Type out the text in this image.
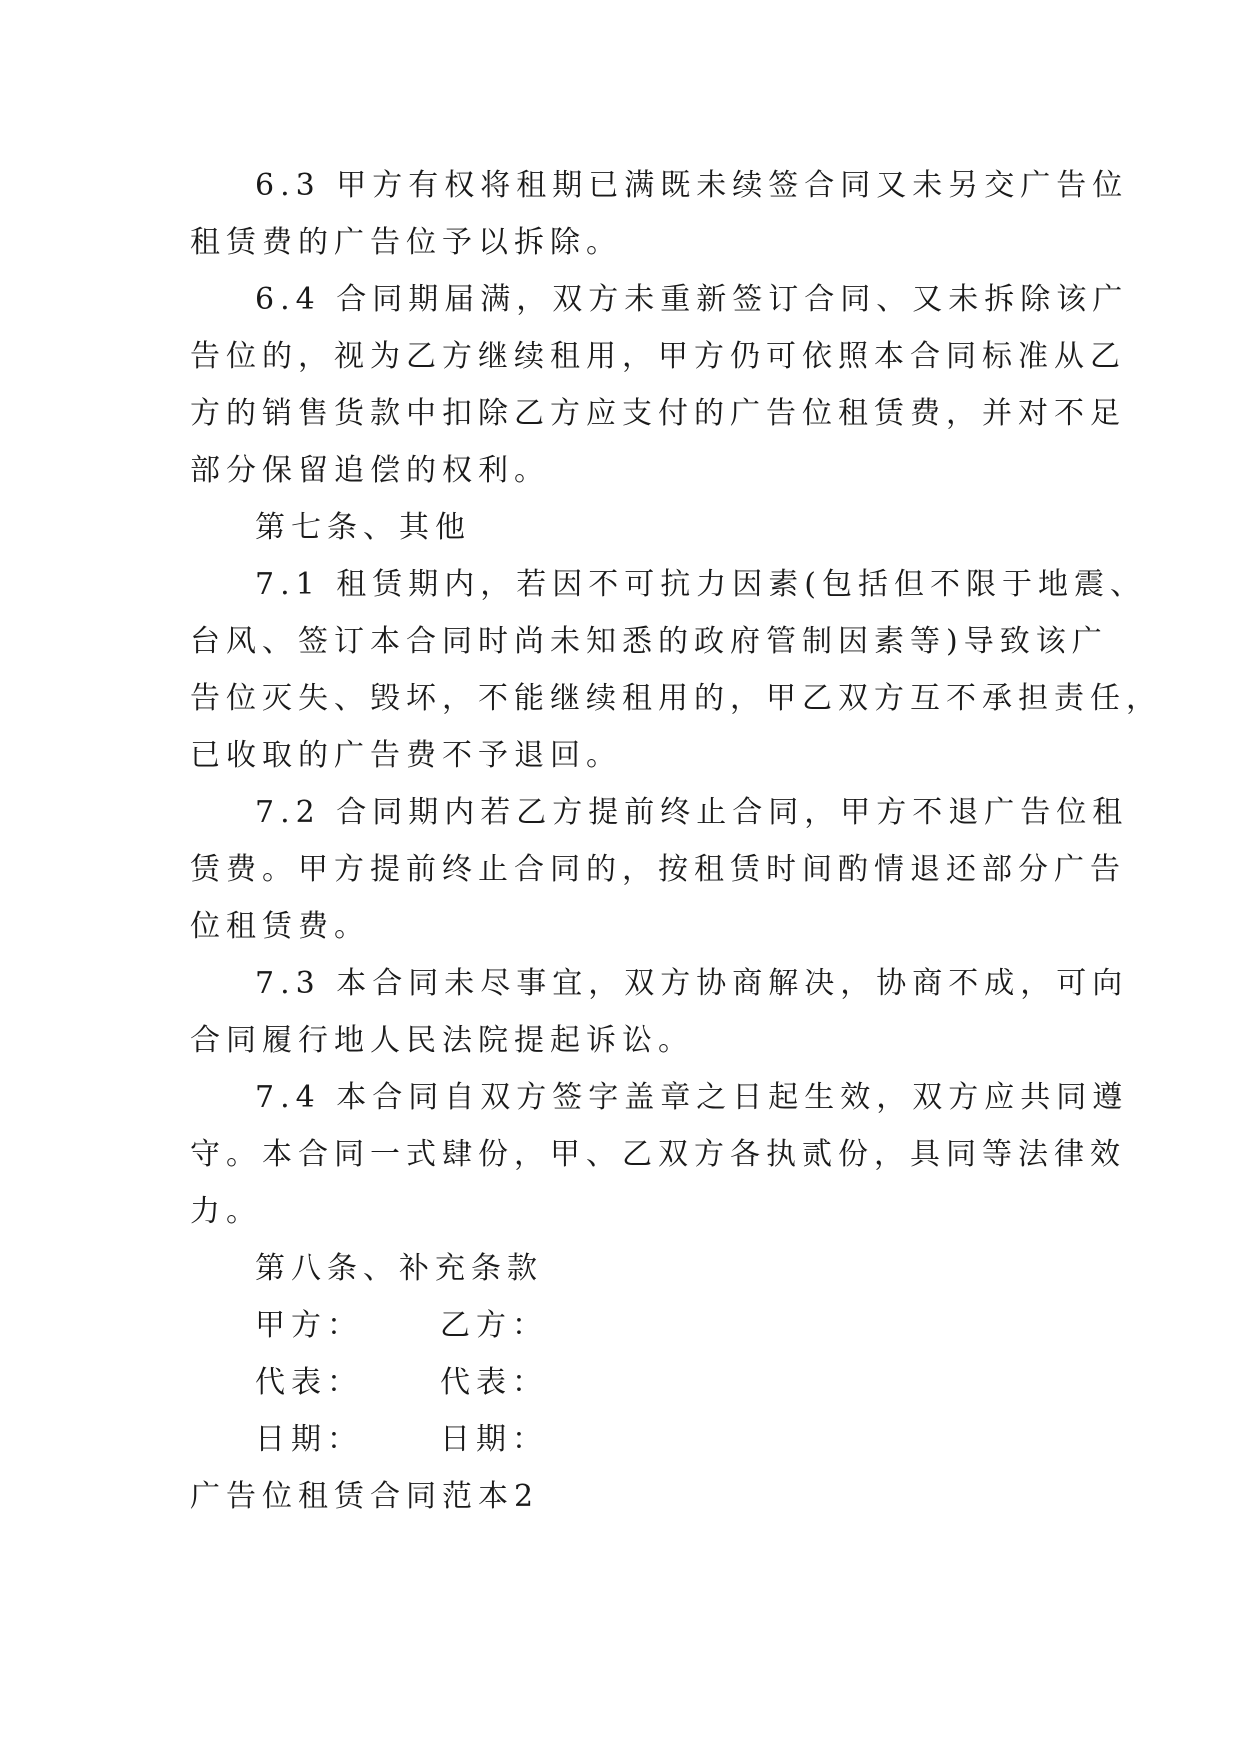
6.3 甲方有权将租期已满既未续签合同又未另交广告位
租赁费的广告位予以拆除。
6.4 合同期届满，双方未重新签订合同、又未拆除该广
告位的，视为乙方继续租用，甲方仍可依照本合同标准从乙
方的销售货款中扣除乙方应支付的广告位租赁费，并对不足
部分保留追偿的权利。
第七条、其他
7.1 租赁期内，若因不可抗力因素(包括但不限于地震、
台风、签订本合同时尚未知悉的政府管制因素等)导致该广
告位灭失、毁坏，不能继续租用的，甲乙双方互不承担责任，
已收取的广告费不予退回。
7.2 合同期内若乙方提前终止合同，甲方不退广告位租
赁费。甲方提前终止合同的，按租赁时间酌情退还部分广告
位租赁费。
7.3 本合同未尽事宜，双方协商解决，协商不成，可向
合同履行地人民法院提起诉讼。
7.4 本合同自双方签字盖章之日起生效，双方应共同遵
守。本合同一式肆份，甲、乙双方各执贰份，具同等法律效
力。
第八条、补充条款
甲方：	乙方：
代表：	代表：
日期：	日期：
广告位租赁合同范本2
